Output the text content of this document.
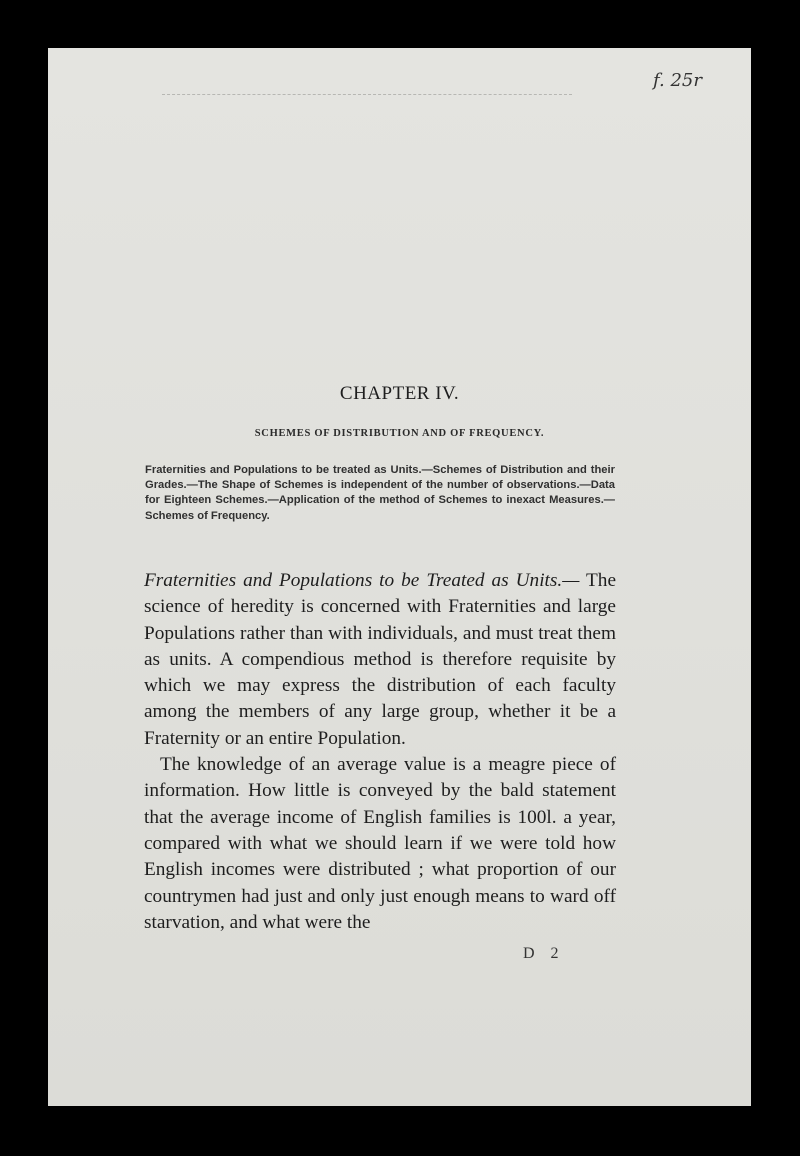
f. 25r
CHAPTER IV.
SCHEMES OF DISTRIBUTION AND OF FREQUENCY.
Fraternities and Populations to be treated as Units.—Schemes of Distribution and their Grades.—The Shape of Schemes is independent of the number of observations.—Data for Eighteen Schemes.—Application of the method of Schemes to inexact Measures.—Schemes of Frequency.

Fraternities and Populations to be Treated as Units.— The science of heredity is concerned with Fraternities and large Populations rather than with individuals, and must treat them as units. A compendious method is therefore requisite by which we may express the distribution of each faculty among the members of any large group, whether it be a Fraternity or an entire Population.

The knowledge of an average value is a meagre piece of information. How little is conveyed by the bald statement that the average income of English families is 100l. a year, compared with what we should learn if we were told how English incomes were distributed ; what proportion of our countrymen had just and only just enough means to ward off starvation, and what were the

D 2
